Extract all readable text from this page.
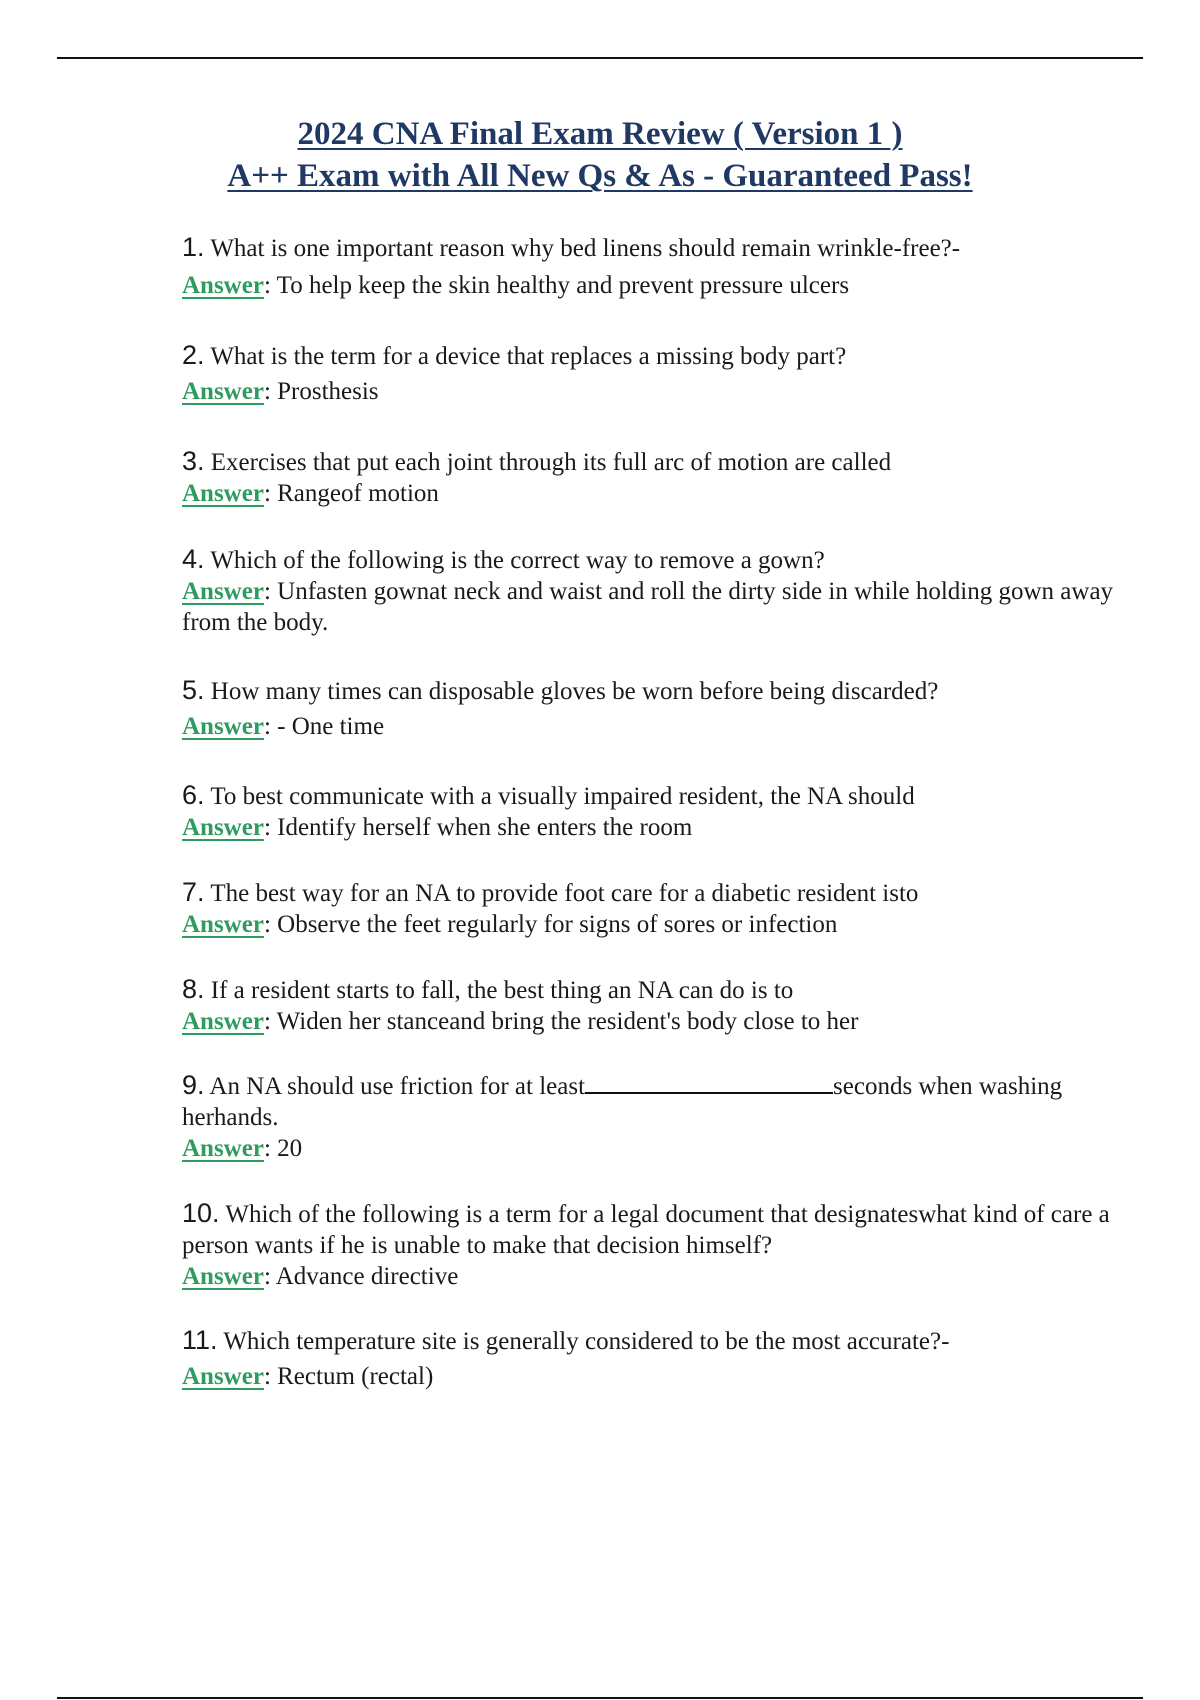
2024 CNA Final Exam Review ( Version 1 )
A++ Exam with All New Qs & As - Guaranteed Pass!
1. What is one important reason why bed linens should remain wrinkle-free?-
Answer: To help keep the skin healthy and prevent pressure ulcers
2. What is the term for a device that replaces a missing body part?
Answer: Prosthesis
3. Exercises that put each joint through its full arc of motion are called
Answer: Rangeof motion
4. Which of the following is the correct way to remove a gown?
Answer: Unfasten gownat neck and waist and roll the dirty side in while holding gown away from the body.
5. How many times can disposable gloves be worn before being discarded?
Answer: - One time
6. To best communicate with a visually impaired resident, the NA should
Answer: Identify herself when she enters the room
7. The best way for an NA to provide foot care for a diabetic resident isto
Answer: Observe the feet regularly for signs of sores or infection
8. If a resident starts to fall, the best thing an NA can do is to
Answer: Widen her stanceand bring the resident's body close to her
9. An NA should use friction for at least	seconds when washing herhands.
Answer: 20
10. Which of the following is a term for a legal document that designateswhat kind of care a person wants if he is unable to make that decision himself?
Answer: Advance directive
11. Which temperature site is generally considered to be the most accurate?-
Answer: Rectum (rectal)
